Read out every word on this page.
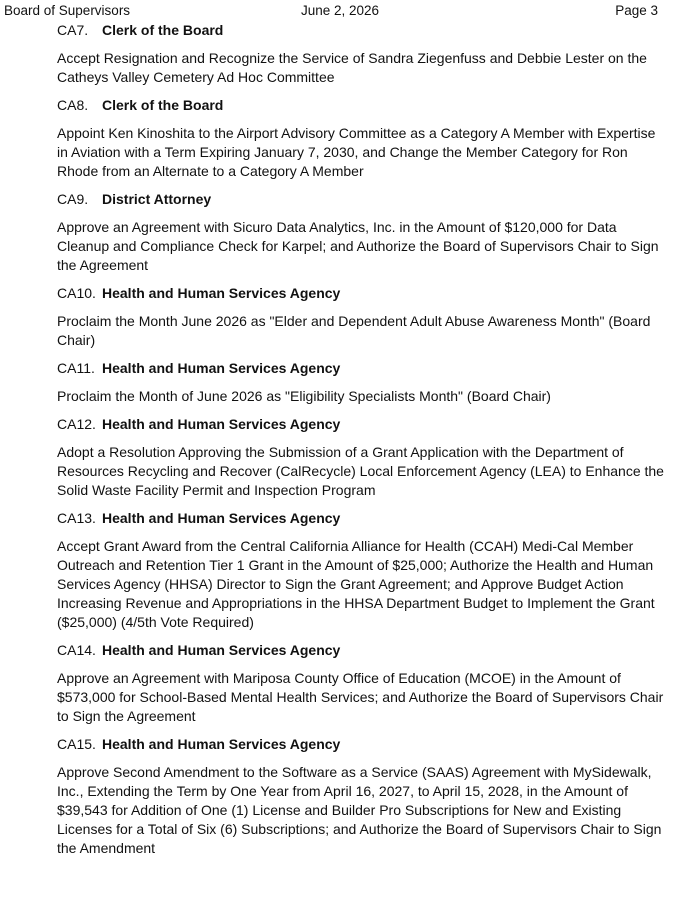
Board of Supervisors	June 2, 2026	Page 3
CA7. Clerk of the Board
Accept Resignation and Recognize the Service of Sandra Ziegenfuss and Debbie Lester on the Catheys Valley Cemetery Ad Hoc Committee
CA8. Clerk of the Board
Appoint Ken Kinoshita to the Airport Advisory Committee as a Category A Member with Expertise in Aviation with a Term Expiring January 7, 2030, and Change the Member Category for Ron Rhode from an Alternate to a Category A Member
CA9. District Attorney
Approve an Agreement with Sicuro Data Analytics, Inc. in the Amount of $120,000 for Data Cleanup and Compliance Check for Karpel; and Authorize the Board of Supervisors Chair to Sign the Agreement
CA10. Health and Human Services Agency
Proclaim the Month June 2026 as "Elder and Dependent Adult Abuse Awareness Month" (Board Chair)
CA11. Health and Human Services Agency
Proclaim the Month of June 2026 as "Eligibility Specialists Month" (Board Chair)
CA12. Health and Human Services Agency
Adopt a Resolution Approving the Submission of a Grant Application with the Department of Resources Recycling and Recover (CalRecycle) Local Enforcement Agency (LEA) to Enhance the Solid Waste Facility Permit and Inspection Program
CA13. Health and Human Services Agency
Accept Grant Award from the Central California Alliance for Health (CCAH) Medi-Cal Member Outreach and Retention Tier 1 Grant in the Amount of $25,000; Authorize the Health and Human Services Agency (HHSA) Director to Sign the Grant Agreement; and Approve Budget Action Increasing Revenue and Appropriations in the HHSA Department Budget to Implement the Grant ($25,000) (4/5th Vote Required)
CA14. Health and Human Services Agency
Approve an Agreement with Mariposa County Office of Education (MCOE) in the Amount of $573,000 for School-Based Mental Health Services; and Authorize the Board of Supervisors Chair to Sign the Agreement
CA15. Health and Human Services Agency
Approve Second Amendment to the Software as a Service (SAAS) Agreement with MySidewalk, Inc., Extending the Term by One Year from April 16, 2027, to April 15, 2028, in the Amount of $39,543 for Addition of One (1) License and Builder Pro Subscriptions for New and Existing Licenses for a Total of Six (6) Subscriptions; and Authorize the Board of Supervisors Chair to Sign the Amendment
